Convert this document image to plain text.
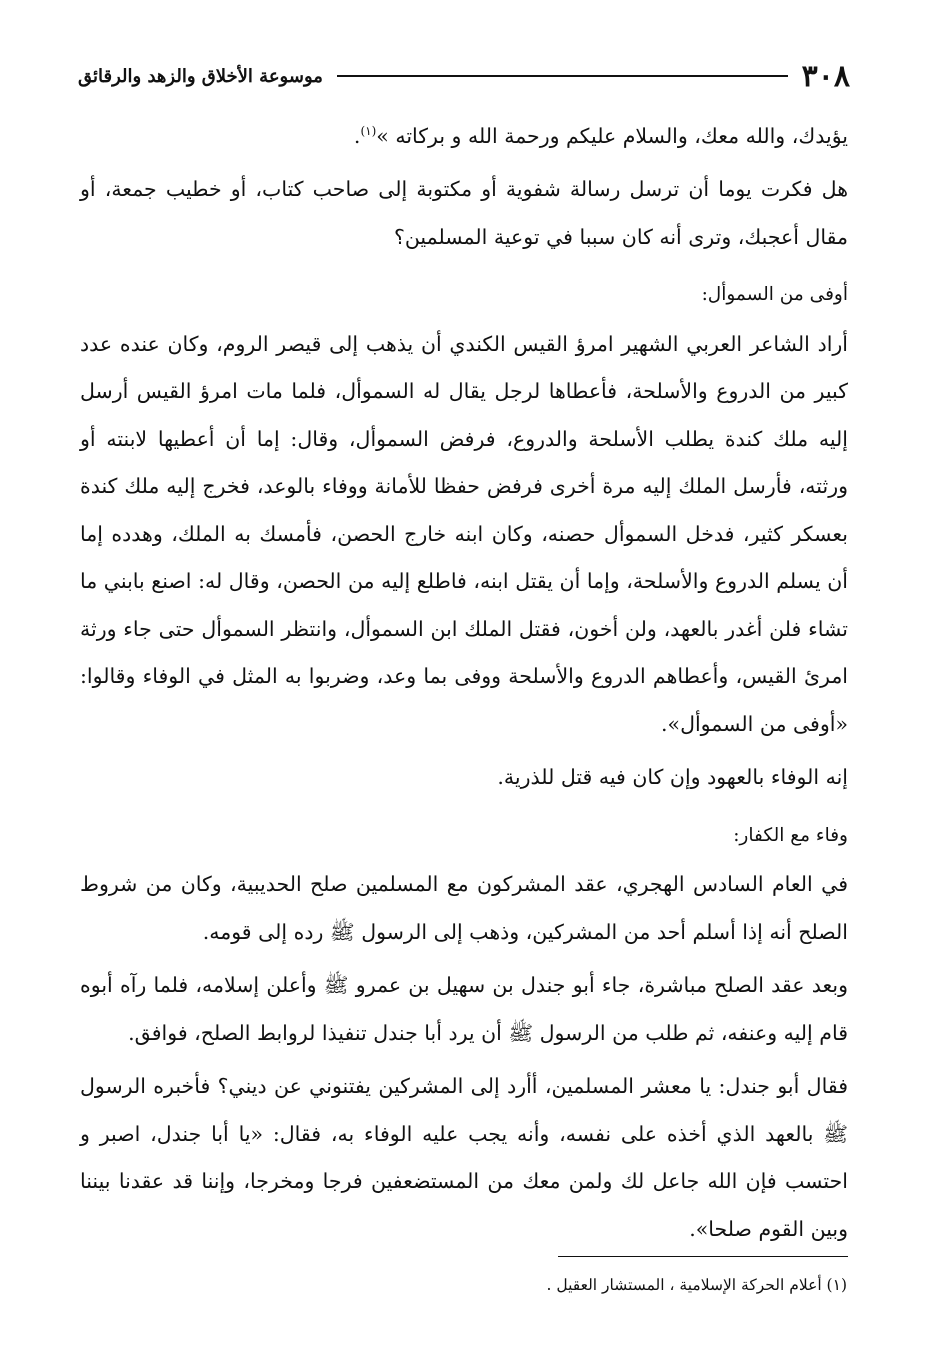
٣٠٨
موسوعة الأخلاق والزهد والرقائق

يؤيدك، والله معك، والسلام عليكم ورحمة الله و بركاته »$^{(١)}$.

هل فكرت يوما أن ترسل رسالة شفوية أو مكتوبة إلى صاحب كتاب، أو خطيب جمعة، أو مقال أعجبك، وترى أنه كان سببا في توعية المسلمين؟

أوفى من السموأل:

أراد الشاعر العربي الشهير امرؤ القيس الكندي أن يذهب إلى قيصر الروم، وكان عنده عدد كبير من الدروع والأسلحة، فأعطاها لرجل يقال له السموأل، فلما مات امرؤ القيس أرسل إليه ملك كندة يطلب الأسلحة والدروع، فرفض السموأل، وقال: إما أن أعطيها لابنته أو ورثته، فأرسل الملك إليه مرة أخرى فرفض حفظا للأمانة ووفاء بالوعد، فخرج إليه ملك كندة بعسكر كثير، فدخل السموأل حصنه، وكان ابنه خارج الحصن، فأمسك به الملك، وهدده إما أن يسلم الدروع والأسلحة، وإما أن يقتل ابنه، فاطلع إليه من الحصن، وقال له: اصنع بابني ما تشاء فلن أغدر بالعهد، ولن أخون، فقتل الملك ابن السموأل، وانتظر السموأل حتى جاء ورثة امرئ القيس، وأعطاهم الدروع والأسلحة ووفى بما وعد، وضربوا به المثل في الوفاء وقالوا: «أوفى من السموأل».

إنه الوفاء بالعهود وإن كان فيه قتل للذرية.

وفاء مع الكفار:

في العام السادس الهجري، عقد المشركون مع المسلمين صلح الحديبية، وكان من شروط الصلح أنه إذا أسلم أحد من المشركين، وذهب إلى الرسول ﷺ رده إلى قومه.

وبعد عقد الصلح مباشرة، جاء أبو جندل بن سهيل بن عمرو ﷺ وأعلن إسلامه، فلما رآه أبوه قام إليه وعنفه، ثم طلب من الرسول ﷺ أن يرد أبا جندل تنفيذا لروابط الصلح، فوافق.

فقال أبو جندل: يا معشر المسلمين، أأرد إلى المشركين يفتنوني عن ديني؟ فأخبره الرسول ﷺ بالعهد الذي أخذه على نفسه، وأنه يجب عليه الوفاء به، فقال: «يا أبا جندل، اصبر و احتسب فإن الله جاعل لك ولمن معك من المستضعفين فرجا ومخرجا، وإننا قد عقدنا بيننا وبين القوم صلحا».

(١) أعلام الحركة الإسلامية ، المستشار العقيل .
